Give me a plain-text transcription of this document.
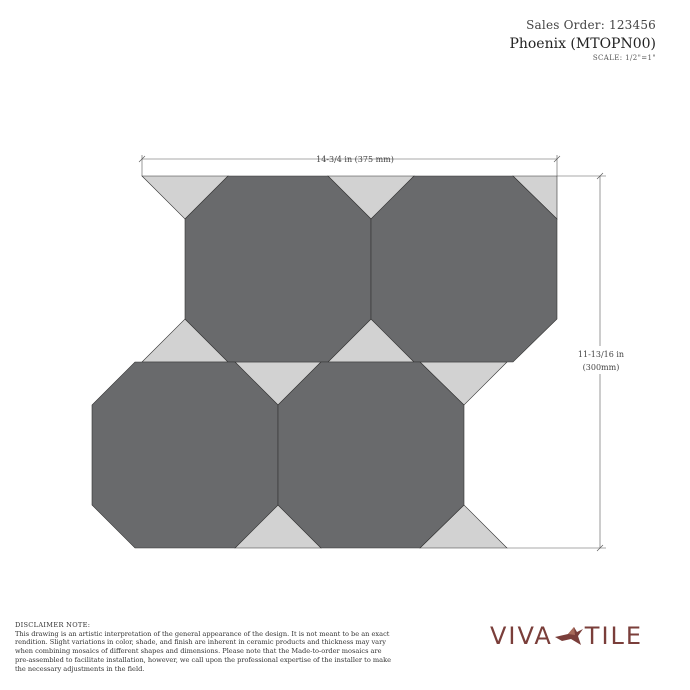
Sales Order: 123456
Phoenix (MTOPN00)
SCALE: 1/2"=1"
14-3/4 in (375 mm)
11-13/16 in
(300mm)
DISCLAIMER NOTE:
This drawing is an artistic interpretation of the general appearance of the design. It is not meant to be an exact
rendition. Slight variations in color, shade, and finish are inherent in ceramic products and thickness may vary
when combining mosaics of different shapes and dimensions. Please note that the Made-to-order mosaics are
pre-assembled to facilitate installation, however, we call upon the professional expertise of the installer to make
the necessary adjustments in the field.
VIVA TILE
